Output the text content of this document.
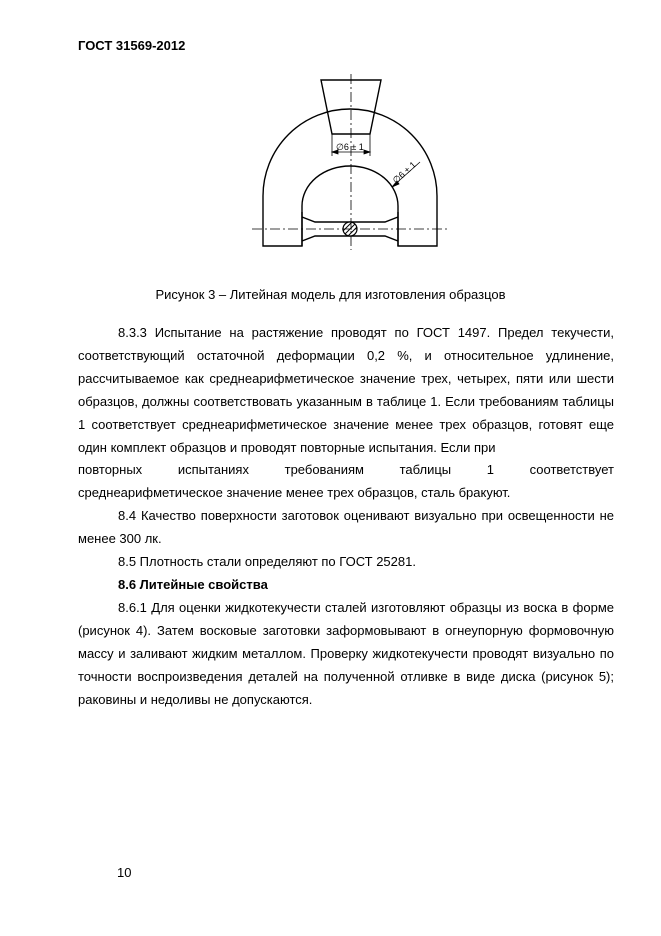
ГОСТ 31569-2012
∅6 ± 1
∅6 ± 1
Рисунок 3 – Литейная модель для изготовления образцов

8.3.3 Испытание на растяжение проводят по ГОСТ 1497. Предел текучести, соответствующий остаточной деформации 0,2 %, и относительное удлинение, рассчитываемое как среднеарифметическое значение трех, четырех, пяти или шести образцов, должны соответствовать указанным в таблице 1. Если требованиям таблицы 1 соответствует среднеарифметическое значение менее трех образцов, готовят еще один комплект образцов и проводят повторные испытания. Если при

повторных	испытаниях	требованиям	таблицы	1	соответствует
среднеарифметическое значение менее трех образцов, сталь бракуют.

8.4 Качество поверхности заготовок оценивают визуально при освещенности не менее 300 лк.

8.5 Плотность стали определяют по ГОСТ 25281.

8.6 Литейные свойства

8.6.1 Для оценки жидкотекучести сталей изготовляют образцы из воска в форме (рисунок 4). Затем восковые заготовки заформовывают в огнеупорную формовочную массу и заливают жидким металлом. Проверку жидкотекучести проводят визуально по точности воспроизведения деталей на полученной отливке в виде диска (рисунок 5); раковины и недоливы не допускаются.

10
